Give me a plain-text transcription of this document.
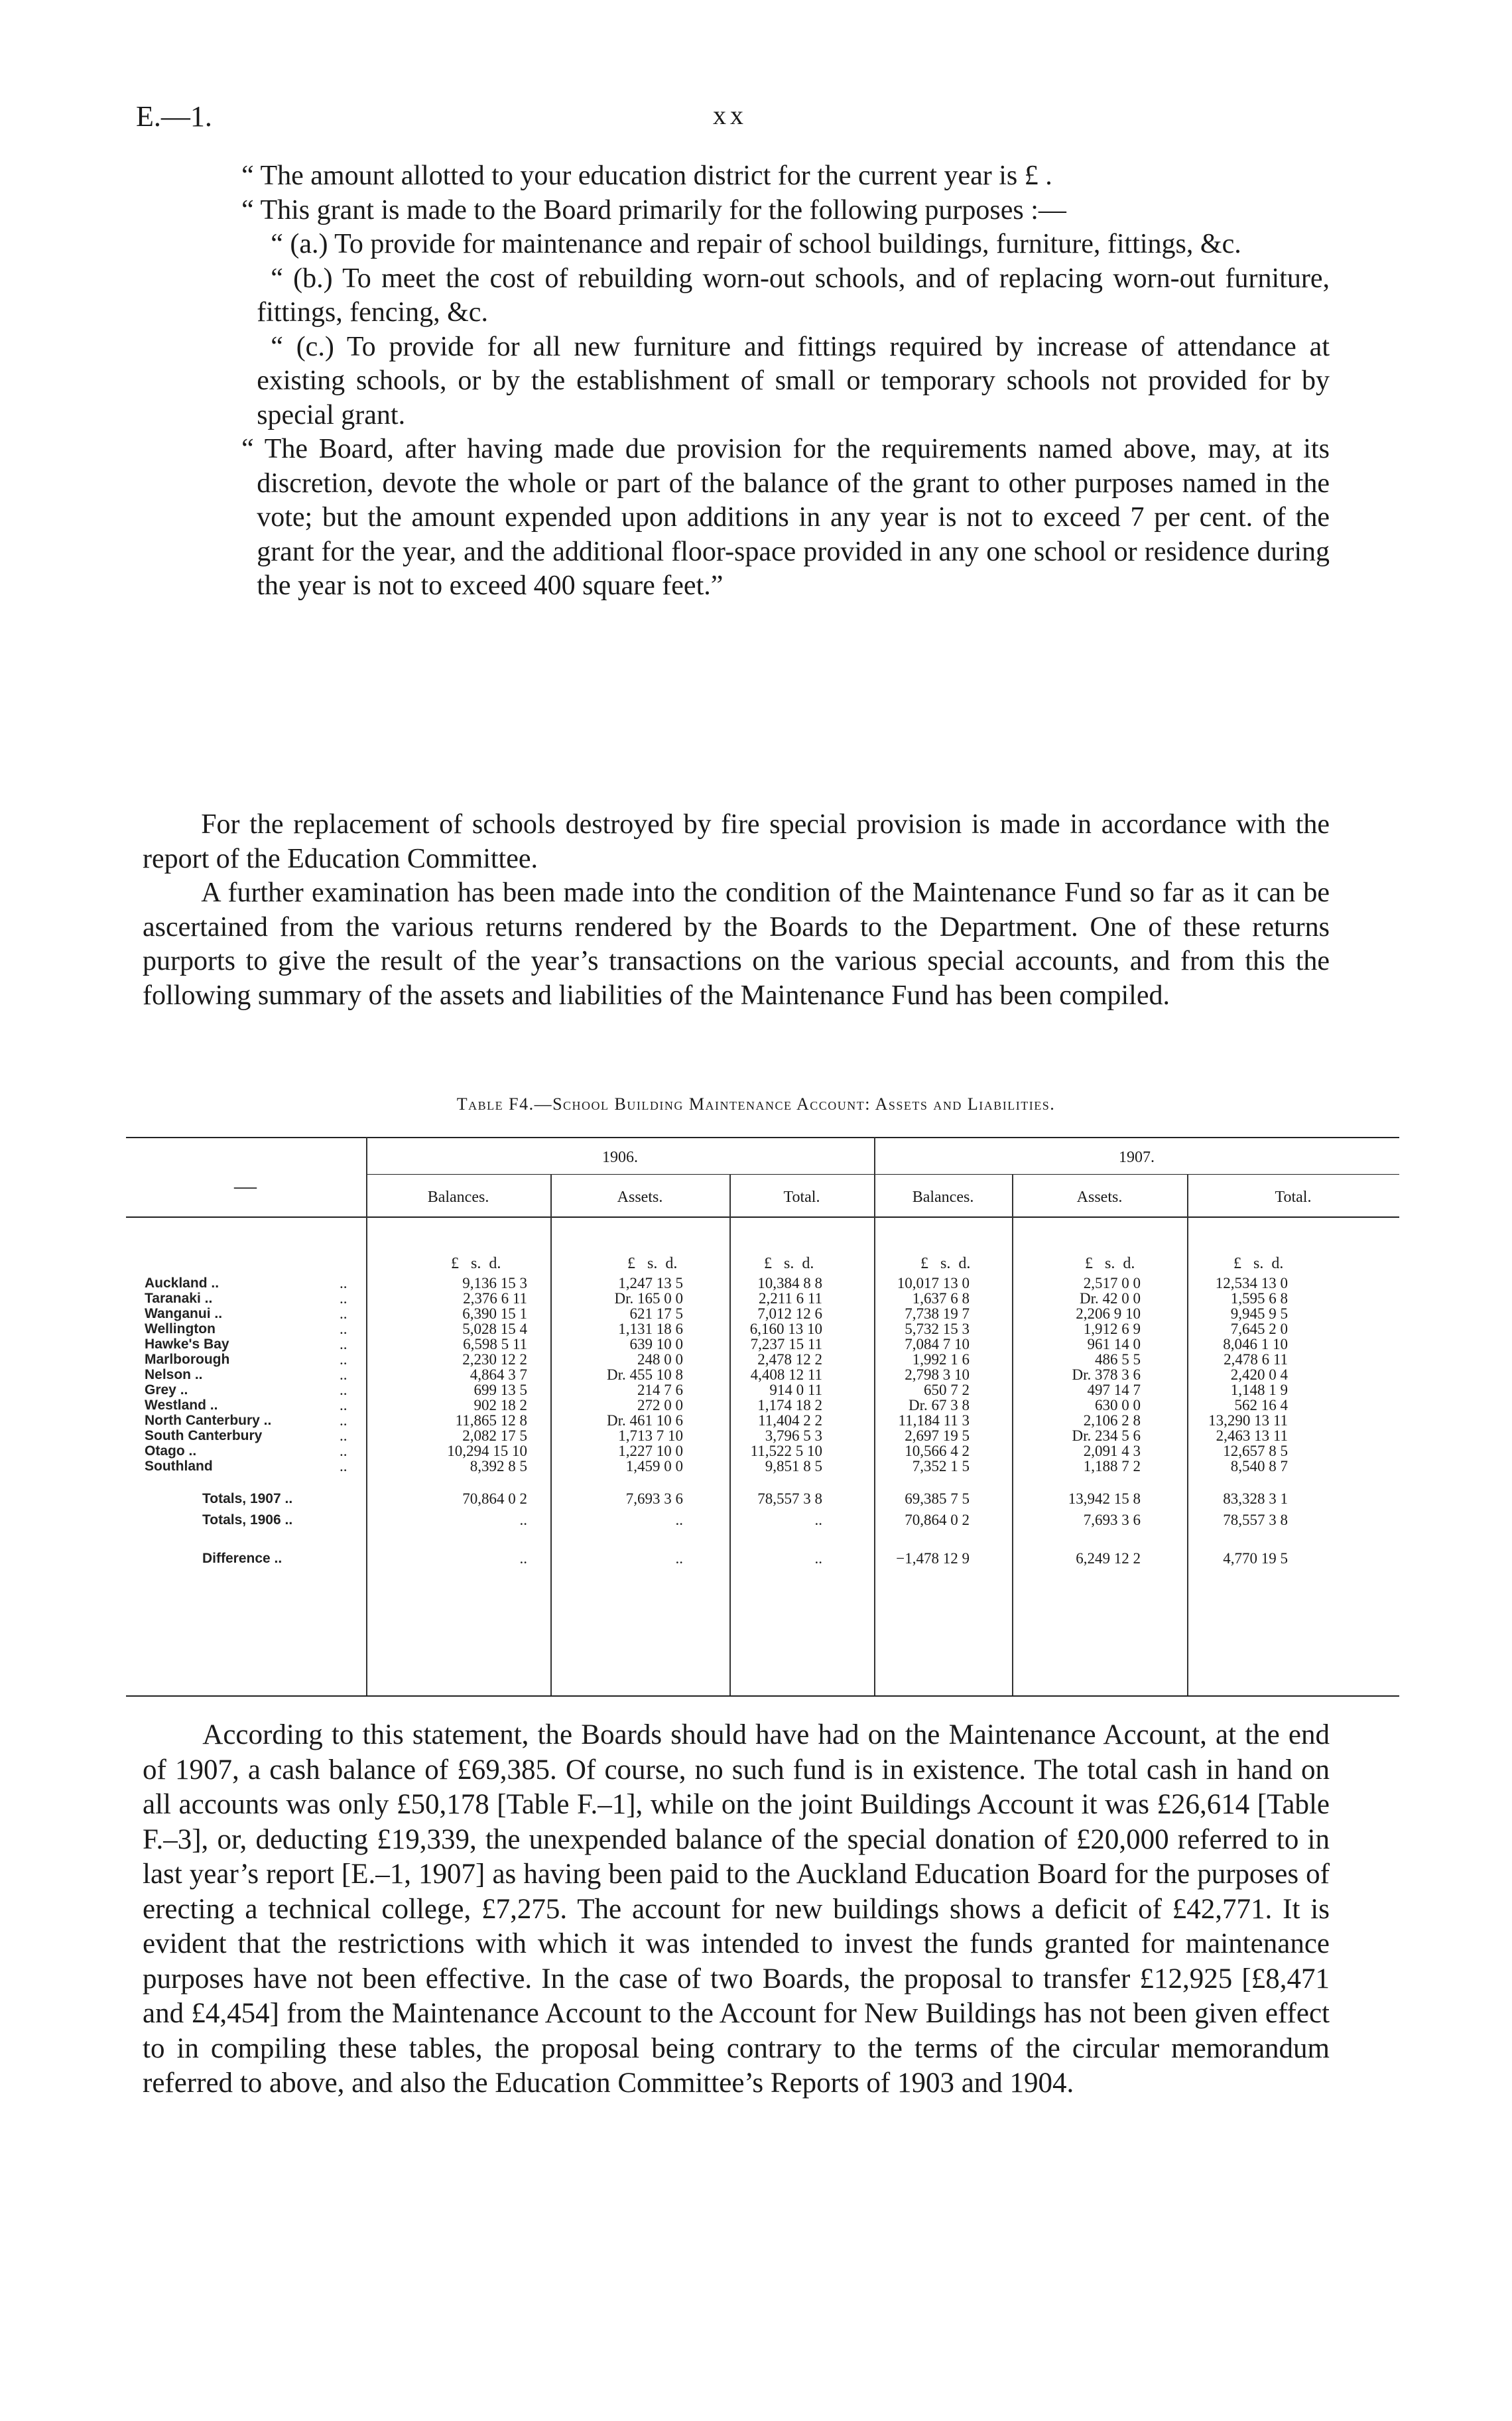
E.—1.	xx

“ The amount allotted to your education district for the current year is £ .

“ This grant is made to the Board primarily for the following purposes :—

“ (a.) To provide for maintenance and repair of school buildings, furniture, fittings, &c.

“ (b.) To meet the cost of rebuilding worn-out schools, and of replacing worn-out furniture, fittings, fencing, &c.

“ (c.) To provide for all new furniture and fittings required by increase of attendance at existing schools, or by the establishment of small or temporary schools not provided for by special grant.

“ The Board, after having made due provision for the requirements named above, may, at its discretion, devote the whole or part of the balance of the grant to other purposes named in the vote; but the amount expended upon additions in any year is not to exceed 7 per cent. of the grant for the year, and the additional floor-space provided in any one school or residence during the year is not to exceed 400 square feet.”

For the replacement of schools destroyed by fire special provision is made in accordance with the report of the Education Committee.

A further examination has been made into the condition of the Maintenance Fund so far as it can be ascertained from the various returns rendered by the Boards to the Department. One of these returns purports to give the result of the year’s transactions on the various special accounts, and from this the following summary of the assets and liabilities of the Maintenance Fund has been compiled.

Table F4.—School Building Maintenance Account: Assets and Liabilities.
—
1906.	1907.
Balances.	Assets.	Total.	Balances.	Assets.	Total.
£   s.  d.	£   s.  d.	£   s.  d.	£   s.  d.	£   s.  d.	£   s.  d.
Auckland ..	..	9,136 15 3	1,247 13 5	10,384 8 8	10,017 13 0	2,517 0 0	12,534 13 0
Taranaki ..	..	2,376 6 11	Dr. 165 0 0	2,211 6 11	1,637 6 8	Dr. 42 0 0	1,595 6 8
Wanganui ..	..	6,390 15 1	621 17 5	7,012 12 6	7,738 19 7	2,206 9 10	9,945 9 5
Wellington	..	5,028 15 4	1,131 18 6	6,160 13 10	5,732 15 3	1,912 6 9	7,645 2 0
Hawke's Bay	..	6,598 5 11	639 10 0	7,237 15 11	7,084 7 10	961 14 0	8,046 1 10
Marlborough	..	2,230 12 2	248 0 0	2,478 12 2	1,992 1 6	486 5 5	2,478 6 11
Nelson ..	..	4,864 3 7	Dr. 455 10 8	4,408 12 11	2,798 3 10	Dr. 378 3 6	2,420 0 4
Grey ..	..	699 13 5	214 7 6	914 0 11	650 7 2	497 14 7	1,148 1 9
Westland ..	..	902 18 2	272 0 0	1,174 18 2	Dr. 67 3 8	630 0 0	562 16 4
North Canterbury ..	..	11,865 12 8	Dr. 461 10 6	11,404 2 2	11,184 11 3	2,106 2 8	13,290 13 11
South Canterbury	..	2,082 17 5	1,713 7 10	3,796 5 3	2,697 19 5	Dr. 234 5 6	2,463 13 11
Otago ..	..	10,294 15 10	1,227 10 0	11,522 5 10	10,566 4 2	2,091 4 3	12,657 8 5
Southland	..	8,392 8 5	1,459 0 0	9,851 8 5	7,352 1 5	1,188 7 2	8,540 8 7
Totals, 1907 ..	70,864 0 2	7,693 3 6	78,557 3 8	69,385 7 5	13,942 15 8	83,328 3 1
Totals, 1906 ..	..	..	..	70,864 0 2	7,693 3 6	78,557 3 8
Difference ..	..	..	..	−1,478 12 9	6,249 12 2	4,770 19 5

According to this statement, the Boards should have had on the Maintenance Account, at the end of 1907, a cash balance of £69,385. Of course, no such fund is in existence. The total cash in hand on all accounts was only £50,178 [Table F.–1], while on the joint Buildings Account it was £26,614 [Table F.–3], or, deducting £19,339, the unexpended balance of the special donation of £20,000 referred to in last year’s report [E.–1, 1907] as having been paid to the Auckland Education Board for the purposes of erecting a technical college, £7,275. The account for new buildings shows a deficit of £42,771. It is evident that the restrictions with which it was intended to invest the funds granted for maintenance purposes have not been effective. In the case of two Boards, the proposal to transfer £12,925 [£8,471 and £4,454] from the Maintenance Account to the Account for New Buildings has not been given effect to in compiling these tables, the proposal being contrary to the terms of the circular memorandum referred to above, and also the Education Committee’s Reports of 1903 and 1904.
